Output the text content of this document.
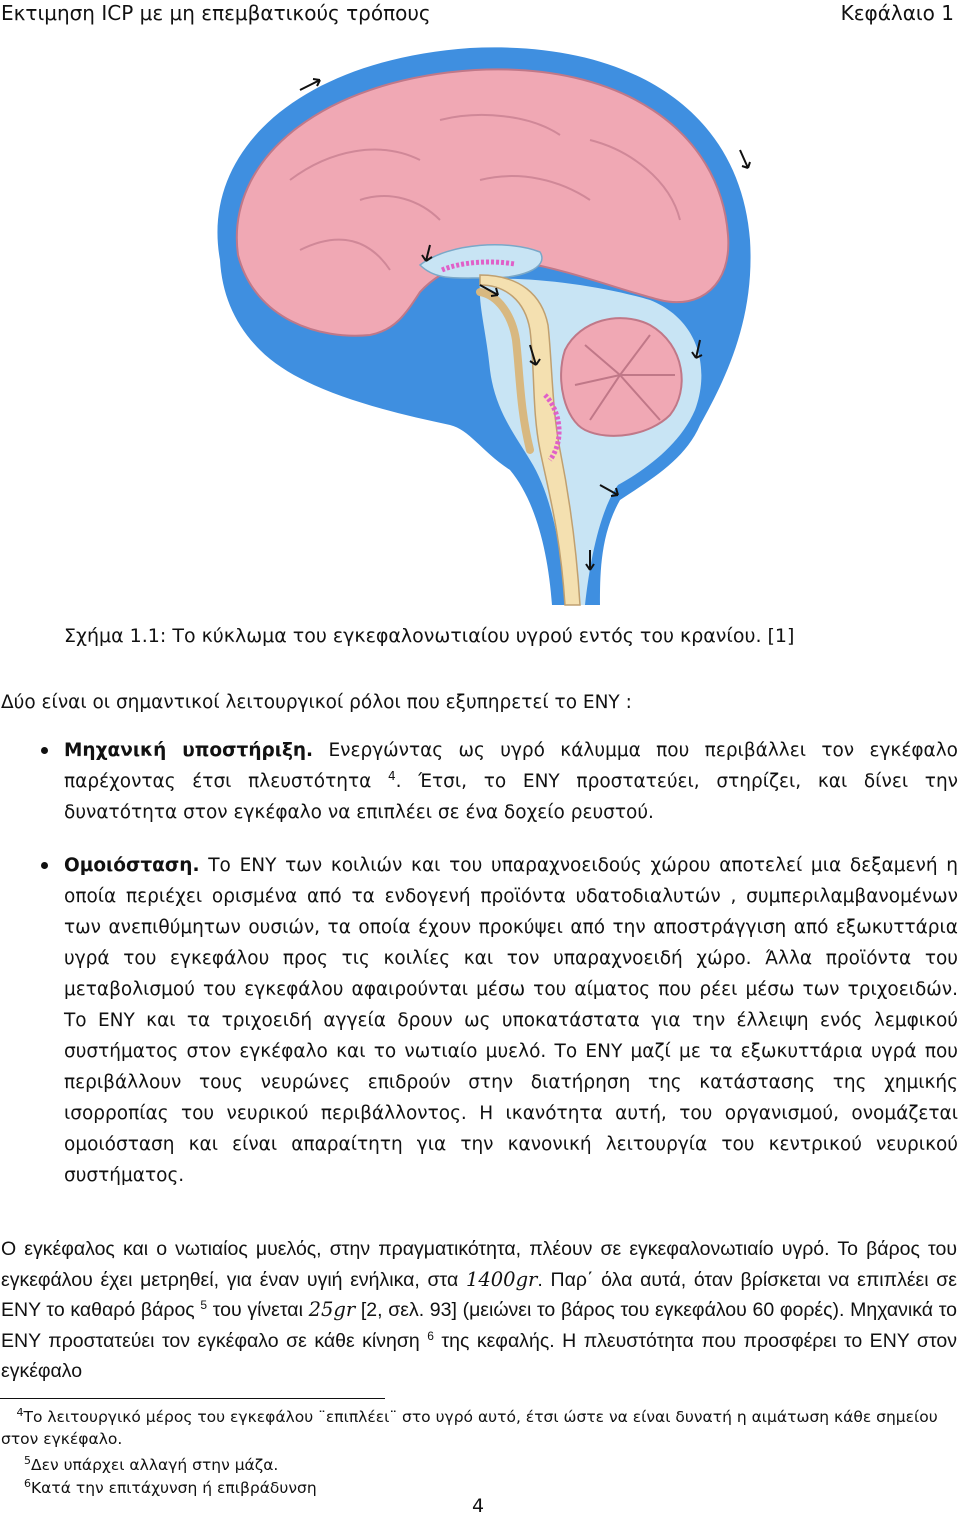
Εκτιμηση ICP με μη επεμβατικούς τρόπους	Κεφάλαιο 1
Σχήμα 1.1: Το κύκλωμα του εγκεφαλονωτιαίου υγρού εντός του κρανίου. [1]
Δύο είναι οι σημαντικοί λειτουργικοί ρόλοι που εξυπηρετεί το ΕΝΥ :
Μηχανική υποστήριξη. Ενεργώντας ως υγρό κάλυμμα που περιβάλλει τον εγκέφαλο παρέχοντας έτσι πλευστότητα $^4$. Έτσι, το ΕΝΥ προστατεύει, στηρίζει, και δίνει την δυνατότητα στον εγκέφαλο να επιπλέει σε ένα δοχείο ρευστού.
Ομοιόσταση. Το ΕΝΥ των κοιλιών και του υπαραχνοειδούς χώρου αποτελεί μια δεξαμενή η οποία περιέχει ορισμένα από τα ενδογενή προϊόντα υδατοδιαλυτών , συμπεριλαμβανομένων των ανεπιθύμητων ουσιών, τα οποία έχουν προκύψει από την αποστράγγιση από εξωκυττάρια υγρά του εγκεφάλου προς τις κοιλίες και τον υπαραχνοειδή χώρο. Άλλα προϊόντα του μεταβολισμού του εγκεφάλου αφαιρούνται μέσω του αίματος που ρέει μέσω των τριχοειδών. Το ΕΝΥ και τα τριχοειδή αγγεία δρουν ως υποκατάστατα για την έλλειψη ενός λεμφικού συστήματος στον εγκέφαλο και το νωτιαίο μυελό. Το ΕΝΥ μαζί με τα εξωκυττάρια υγρά που περιβάλλουν τους νευρώνες επιδρούν στην διατήρηση της κατάστασης της χημικής ισορροπίας του νευρικού περιβάλλοντος. Η ικανότητα αυτή, του οργανισμού, ονομάζεται ομοιόσταση και είναι απαραίτητη για την κανονική λειτουργία του κεντρικού νευρικού συστήματος.
Ο εγκέφαλος και ο νωτιαίος μυελός, στην πραγματικότητα, πλέουν σε εγκεφαλονωτιαίο υγρό. Το βάρος του εγκεφάλου έχει μετρηθεί, για έναν υγιή ενήλικα, στα 1400gr. Παρ΄ όλα αυτά, όταν βρίσκεται να επιπλέει σε ΕΝΥ το καθαρό βάρος $^5$ του γίνεται 25gr [2, σελ. 93] (μειώνει το βάρος του εγκεφάλου 60 φορές). Μηχανικά το ΕΝΥ προστατεύει τον εγκέφαλο σε κάθε κίνηση $^6$ της κεφαλής. Η πλευστότητα που προσφέρει το ΕΝΥ στον εγκέφαλο
 $^4$Το λειτουργικό μέρος του εγκεφάλου ¨επιπλέει¨ στο υγρό αυτό, έτσι ώστε να είναι δυνατή η αιμάτωση κάθε σημείου στον εγκέφαλο.
$^5$Δεν υπάρχει αλλαγή στην μάζα.
$^6$Κατά την επιτάχυνση ή επιβράδυνση
4
